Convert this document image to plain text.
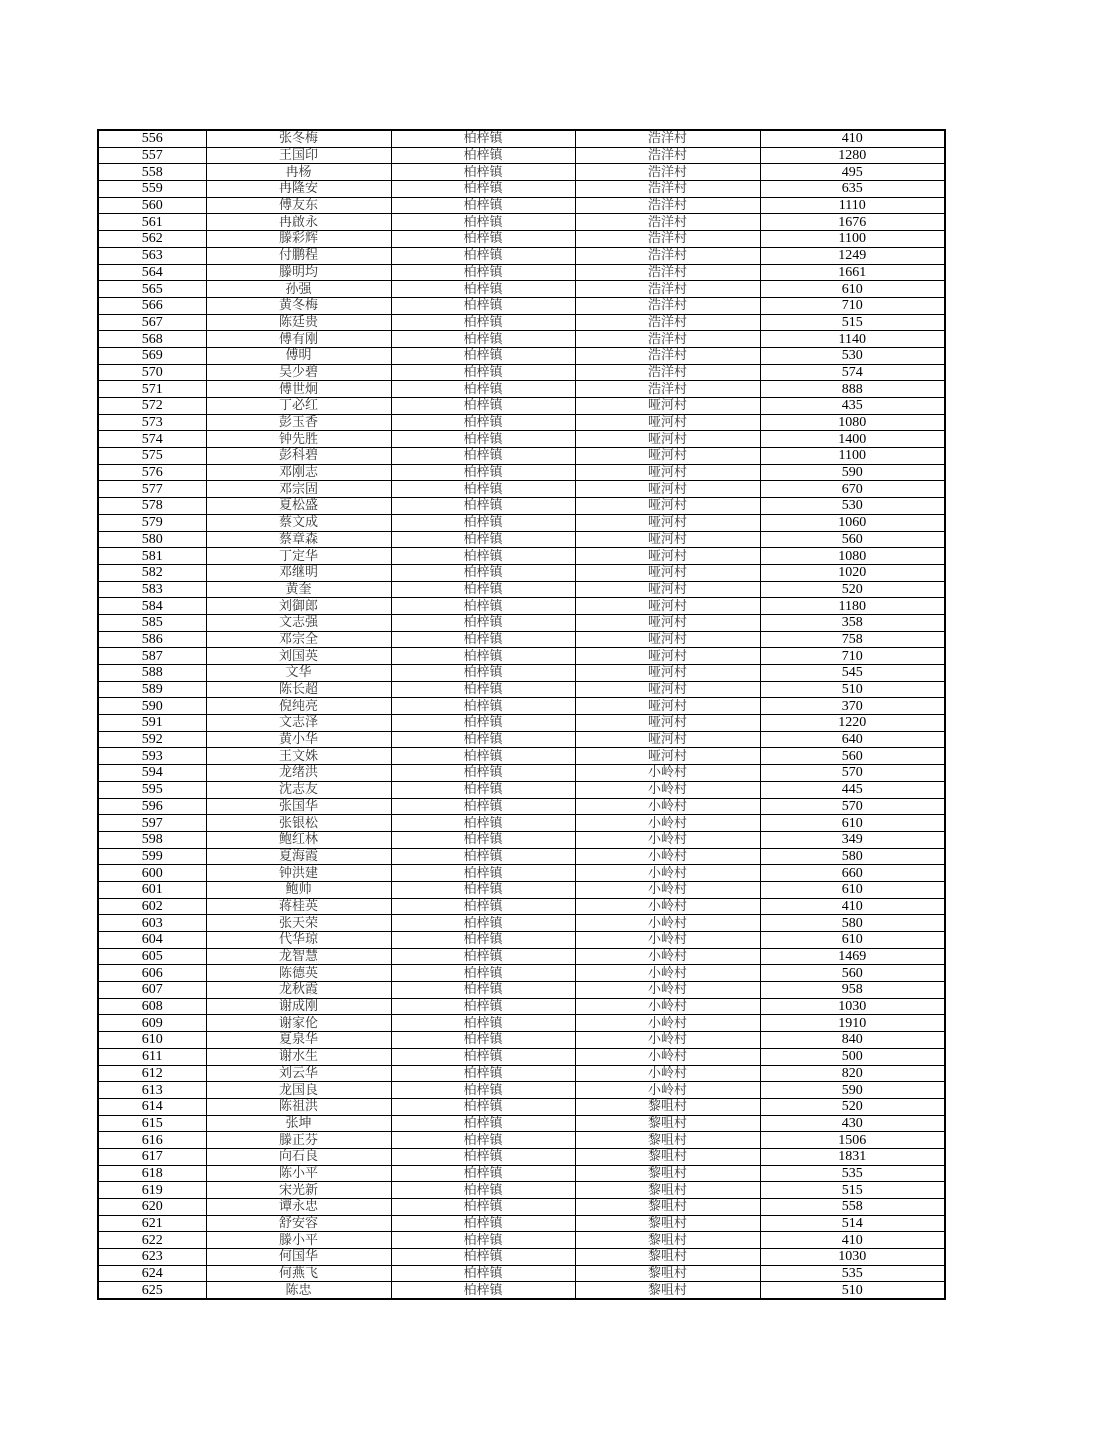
556	张冬梅	柏梓镇	浩洋村	410
557	王国印	柏梓镇	浩洋村	1280
558	冉杨	柏梓镇	浩洋村	495
559	冉隆安	柏梓镇	浩洋村	635
560	傅友东	柏梓镇	浩洋村	1110
561	冉啟永	柏梓镇	浩洋村	1676
562	滕彩辉	柏梓镇	浩洋村	1100
563	付鹏程	柏梓镇	浩洋村	1249
564	滕明均	柏梓镇	浩洋村	1661
565	孙强	柏梓镇	浩洋村	610
566	黄冬梅	柏梓镇	浩洋村	710
567	陈廷贵	柏梓镇	浩洋村	515
568	傅有刚	柏梓镇	浩洋村	1140
569	傅明	柏梓镇	浩洋村	530
570	吴少碧	柏梓镇	浩洋村	574
571	傅世炯	柏梓镇	浩洋村	888
572	丁必红	柏梓镇	哑河村	435
573	彭玉香	柏梓镇	哑河村	1080
574	钟先胜	柏梓镇	哑河村	1400
575	彭科碧	柏梓镇	哑河村	1100
576	邓刚志	柏梓镇	哑河村	590
577	邓宗固	柏梓镇	哑河村	670
578	夏松盛	柏梓镇	哑河村	530
579	蔡文成	柏梓镇	哑河村	1060
580	蔡章森	柏梓镇	哑河村	560
581	丁定华	柏梓镇	哑河村	1080
582	邓继明	柏梓镇	哑河村	1020
583	黄奎	柏梓镇	哑河村	520
584	刘御郎	柏梓镇	哑河村	1180
585	文志强	柏梓镇	哑河村	358
586	邓宗全	柏梓镇	哑河村	758
587	刘国英	柏梓镇	哑河村	710
588	文华	柏梓镇	哑河村	545
589	陈长超	柏梓镇	哑河村	510
590	倪纯亮	柏梓镇	哑河村	370
591	文志泽	柏梓镇	哑河村	1220
592	黄小华	柏梓镇	哑河村	640
593	王文姝	柏梓镇	哑河村	560
594	龙绪洪	柏梓镇	小岭村	570
595	沈志友	柏梓镇	小岭村	445
596	张国华	柏梓镇	小岭村	570
597	张银松	柏梓镇	小岭村	610
598	鲍红林	柏梓镇	小岭村	349
599	夏海霞	柏梓镇	小岭村	580
600	钟洪建	柏梓镇	小岭村	660
601	鲍帅	柏梓镇	小岭村	610
602	蒋桂英	柏梓镇	小岭村	410
603	张天荣	柏梓镇	小岭村	580
604	代华琼	柏梓镇	小岭村	610
605	龙智慧	柏梓镇	小岭村	1469
606	陈德英	柏梓镇	小岭村	560
607	龙秋霞	柏梓镇	小岭村	958
608	谢成刚	柏梓镇	小岭村	1030
609	谢家伦	柏梓镇	小岭村	1910
610	夏泉华	柏梓镇	小岭村	840
611	谢水生	柏梓镇	小岭村	500
612	刘云华	柏梓镇	小岭村	820
613	龙国良	柏梓镇	小岭村	590
614	陈祖洪	柏梓镇	黎咀村	520
615	张坤	柏梓镇	黎咀村	430
616	滕正芬	柏梓镇	黎咀村	1506
617	向石良	柏梓镇	黎咀村	1831
618	陈小平	柏梓镇	黎咀村	535
619	宋光新	柏梓镇	黎咀村	515
620	谭永忠	柏梓镇	黎咀村	558
621	舒安容	柏梓镇	黎咀村	514
622	滕小平	柏梓镇	黎咀村	410
623	何国华	柏梓镇	黎咀村	1030
624	何燕飞	柏梓镇	黎咀村	535
625	陈忠	柏梓镇	黎咀村	510
